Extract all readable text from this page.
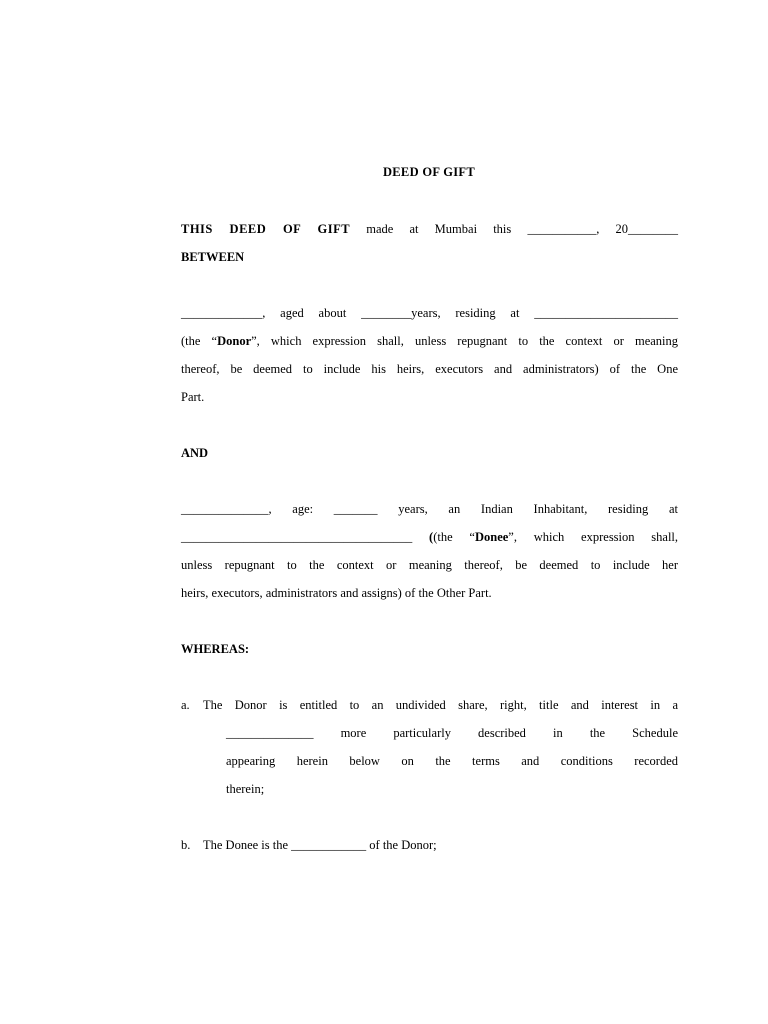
DEED OF GIFT
THIS DEED OF GIFT made at Mumbai this ___________, 20________
BETWEEN
_____________, aged about ________years, residing at _______________________
(the “Donor”, which expression shall, unless repugnant to the context or meaning
thereof, be deemed to include his heirs, executors and administrators) of the One
Part.
AND
______________, age: _______ years, an Indian Inhabitant, residing at
_____________________________________ ((the “Donee”, which expression shall,
unless repugnant to the context or meaning thereof, be deemed to include her
heirs, executors, administrators and assigns) of the Other Part.
WHEREAS:
a. The Donor is entitled to an undivided share, right, title and interest in a
______________ more particularly described in the Schedule
appearing herein below on the terms and conditions recorded
therein;
b. The Donee is the ____________ of the Donor;
